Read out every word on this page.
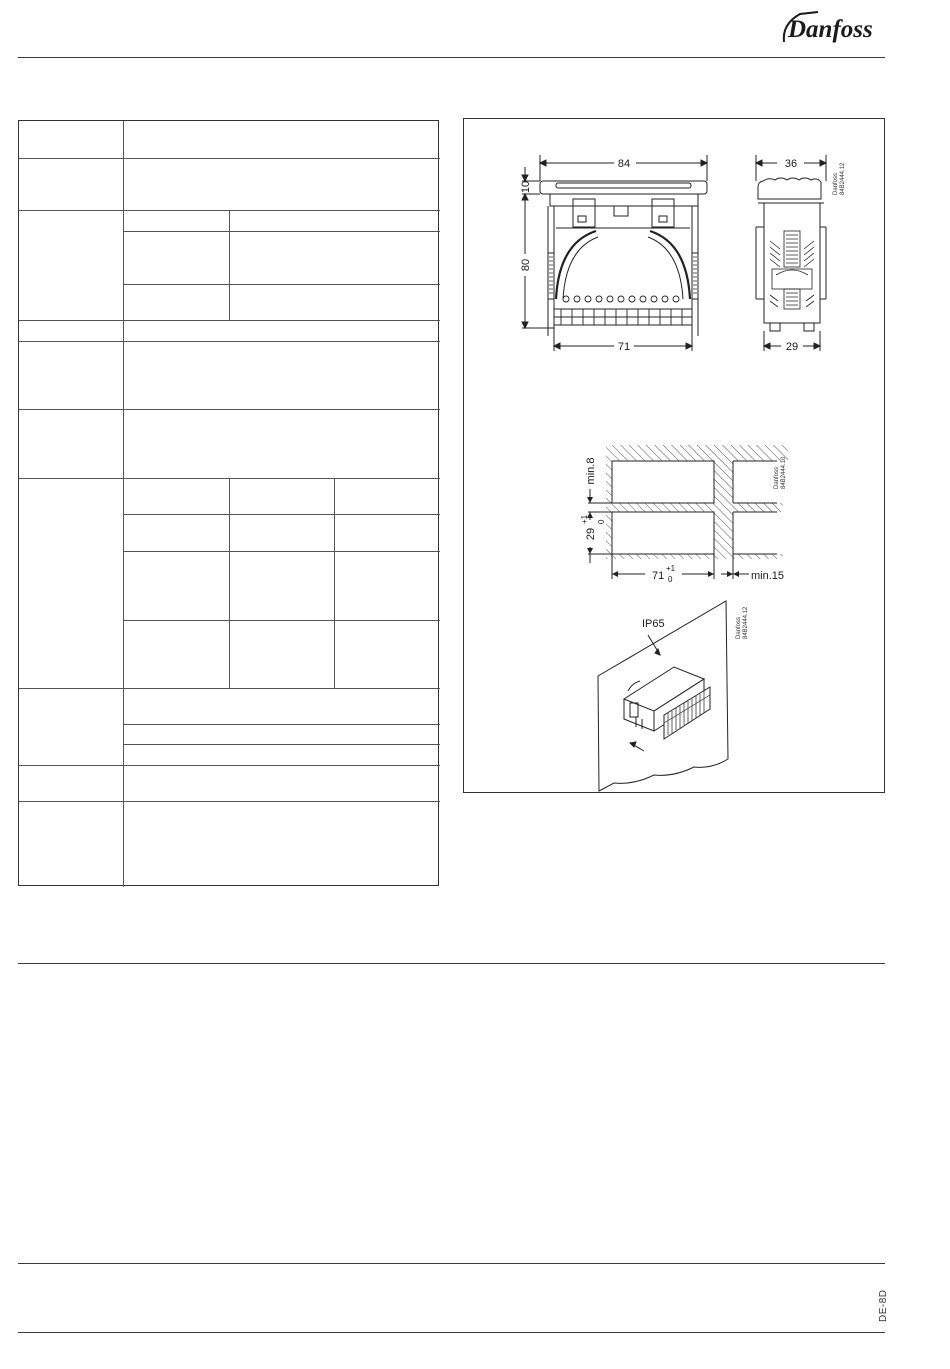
Danfoss
84
10
80
71
36
29
Danfoss 84B2444.12
min.8
29
+1 0
71
+1
0	min.15
Danfoss 84B2444.10
IP65	Danfoss 84B2444.12
DE-8D
